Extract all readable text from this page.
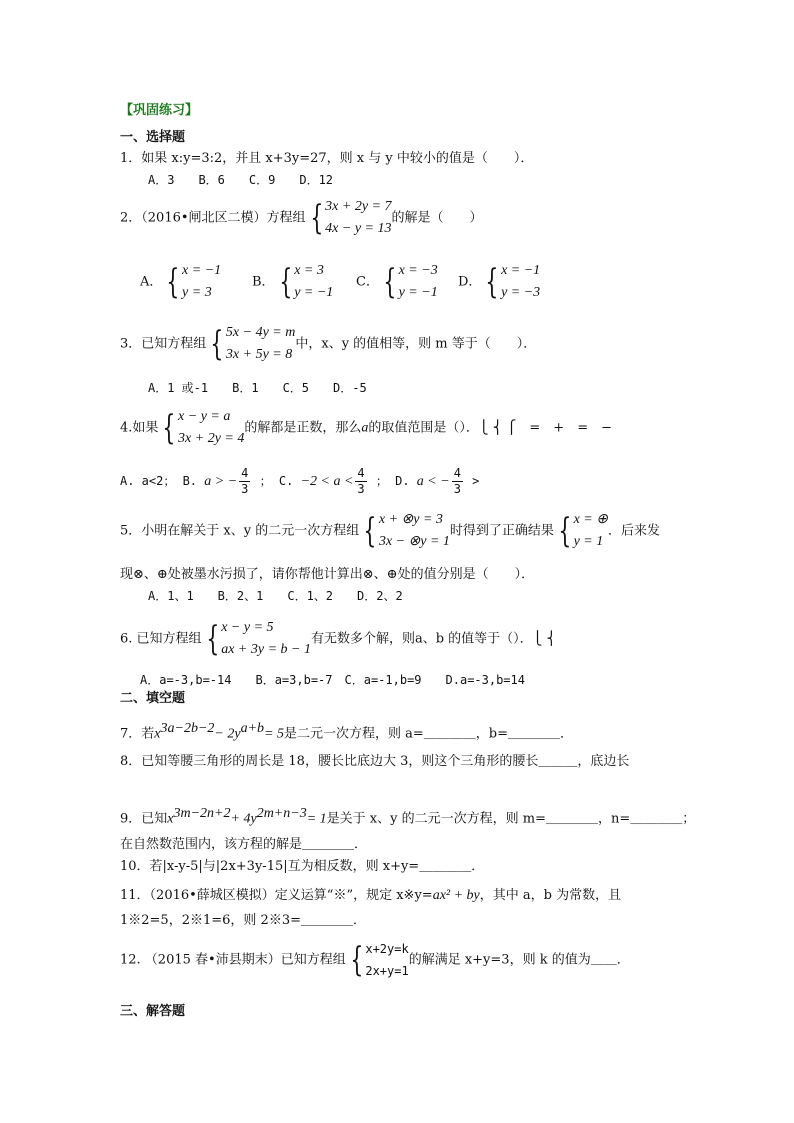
【巩固练习】
一、选择题
1．如果 x:y=3:2，并且 x+3y=27，则 x 与 y 中较小的值是（　　）．
A．3　　B．6　　C．9　　D．12
2．（2016•闸北区二模）方程组 { 3x + 2y = 7
4x − y = 13
的解是（　　）
A． { x = −1
y = 3
B． { x = 3
y = −1
C． { x = −3
y = −1
D． { x = −1
y = −3
3．已知方程组 { 5x − 4y = m
3x + 5y = 8
中，x、y 的值相等，则 m 等于（　　）．
A．1 或-1　　B．1　　C．5　　D．-5
4.如果 { x − y = a
3x + 2y = 4
的解都是正数，那么a的取值范围是（）．⎩ ⎨ ⎧　=　+　=　−
A. a<2； B. a > − $\frac{4}{3}$ ； C. $-2 < a < \frac{4}{3}$ ； D. a < − $\frac{4}{3}$ >
5．小明在解关于 x、y 的二元一次方程组 { x + ⊗y = 3
3x − ⊗y = 1
时得到了正确结果 { x = ⊕
y = 1
．后来发
现⊗、⊕处被墨水污损了，请你帮他计算出⊗、⊕处的值分别是（　　）．
A．1、1　　B．2、1　　C．1、2　　D．2、2
6. 已知方程组 { x − y = 5
ax + 3y = b − 1
有无数多个解，则a、b 的值等于（）．⎩ ⎨
A．a=-3,b=-14　　B．a=3,b=-7　C．a=-1,b=9　　D.a=-3,b=14
二、填空题
7．若$x^{3a-2b-2}- 2y^{a+b}= 5$是二元一次方程，则 a=＿＿＿＿，b=＿＿＿＿．
8．已知等腰三角形的周长是 18，腰长比底边大 3，则这个三角形的腰长＿＿＿，底边长
9．已知$x^{3m-2n+2}+ 4y^{2m+n-3}= 1$是关于 x、y 的二元一次方程，则 m=＿＿＿＿，n=＿＿＿＿；
在自然数范围内，该方程的解是＿＿＿＿．
10．若|x-y-5|与|2x+3y-15|互为相反数，则 x+y=＿＿＿＿．
11．（2016•薛城区模拟）定义运算“※”，规定 x※y=ax² + by，其中 a，b 为常数，且
1※2=5，2※1=6，则 2※3=＿＿＿＿．
12. （2015 春•沛县期末）已知方程组 { x+2y=k
2x+y=1
的解满足 x+y=3，则 k 的值为＿＿．
三、解答题
